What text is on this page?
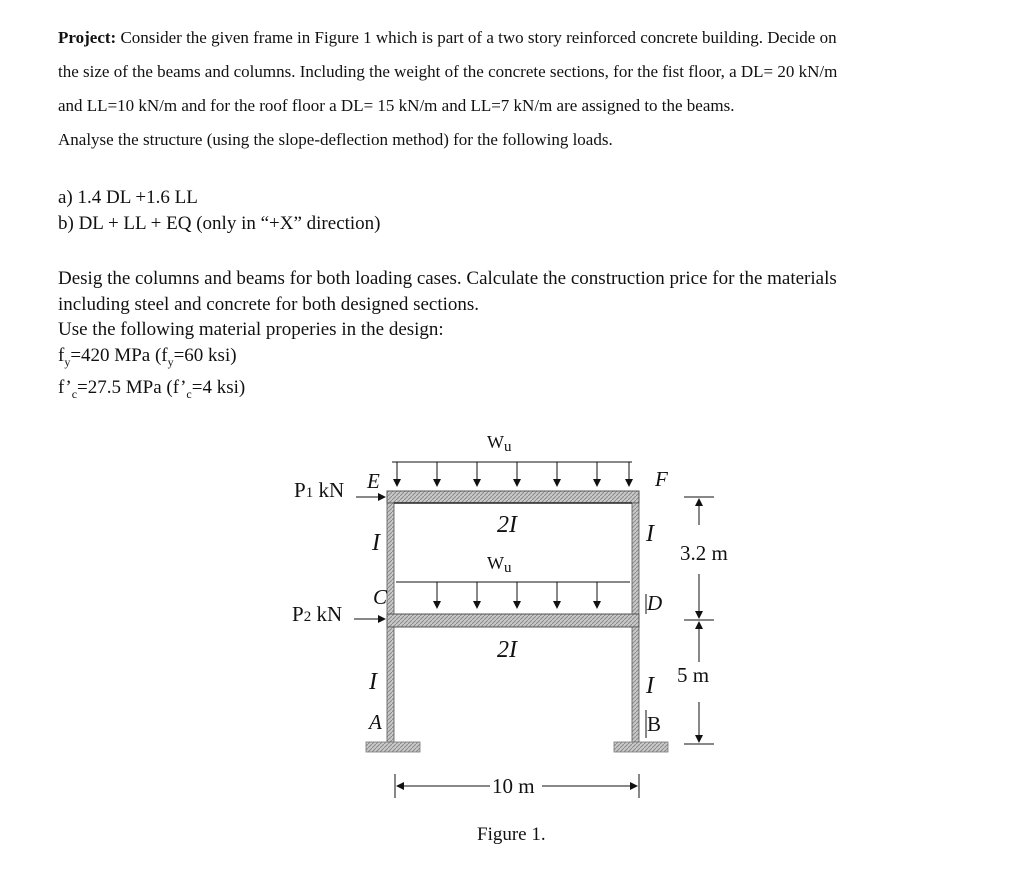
Project: Consider the given frame in Figure 1 which is part of a two story reinforced concrete building. Decide on
the size of the beams and columns. Including the weight of the concrete sections, for the fist floor, a DL= 20 kN/m
and LL=10 kN/m and for the roof floor a DL= 15 kN/m and LL=7 kN/m are assigned to the beams.
Analyse the structure (using the slope-deflection method) for the following loads.
a) 1.4 DL +1.6 LL
b) DL + LL + EQ (only in “+X” direction)
Desig the columns and beams for both loading cases. Calculate the construction price for the materials
including steel and concrete for both designed sections.
Use the following material properies in the design:
$f_y=420$ MPa ($f_y=60$ ksi)
$f’_c=27.5$ MPa ($f’_c=4$ ksi)
Wu
Wu
2I
2I
I	I
I	I
E	F
C	D
A	B
P1 kN
P2 kN
3.2 m
5 m
10 m
Figure 1.
